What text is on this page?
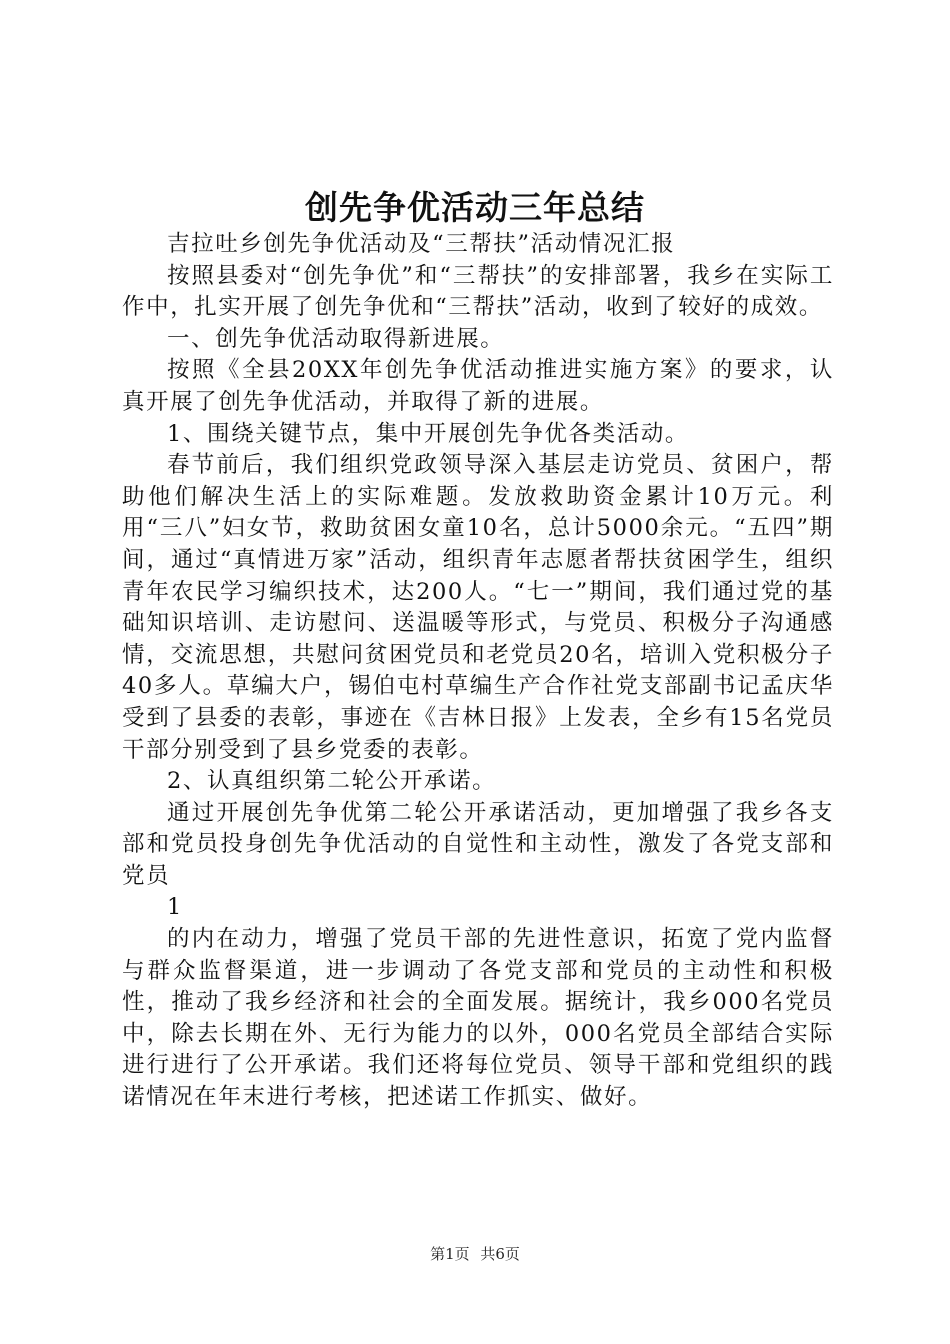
创先争优活动三年总结

吉拉吐乡创先争优活动及“三帮扶”活动情况汇报

按照县委对“创先争优”和“三帮扶”的安排部署，我乡在实际工作中，扎实开展了创先争优和“三帮扶”活动，收到了较好的成效。

一、创先争优活动取得新进展。

按照《全县20XX年创先争优活动推进实施方案》的要求，认真开展了创先争优活动，并取得了新的进展。

1、围绕关键节点，集中开展创先争优各类活动。

春节前后，我们组织党政领导深入基层走访党员、贫困户，帮助他们解决生活上的实际难题。发放救助资金累计10万元。利用“三八”妇女节，救助贫困女童10名，总计5000余元。“五四”期间，通过“真情进万家”活动，组织青年志愿者帮扶贫困学生，组织青年农民学习编织技术，达200人。“七一”期间，我们通过党的基础知识培训、走访慰问、送温暖等形式，与党员、积极分子沟通感情，交流思想，共慰问贫困党员和老党员20名，培训入党积极分子40多人。草编大户，锡伯屯村草编生产合作社党支部副书记孟庆华受到了县委的表彰，事迹在《吉林日报》上发表，全乡有15名党员干部分别受到了县乡党委的表彰。

2、认真组织第二轮公开承诺。

通过开展创先争优第二轮公开承诺活动，更加增强了我乡各支部和党员投身创先争优活动的自觉性和主动性，激发了各党支部和党员

1

的内在动力，增强了党员干部的先进性意识，拓宽了党内监督与群众监督渠道，进一步调动了各党支部和党员的主动性和积极性，推动了我乡经济和社会的全面发展。据统计，我乡000名党员中，除去长期在外、无行为能力的以外，000名党员全部结合实际进行进行了公开承诺。我们还将每位党员、领导干部和党组织的践诺情况在年末进行考核，把述诺工作抓实、做好。

第1页 共6页
